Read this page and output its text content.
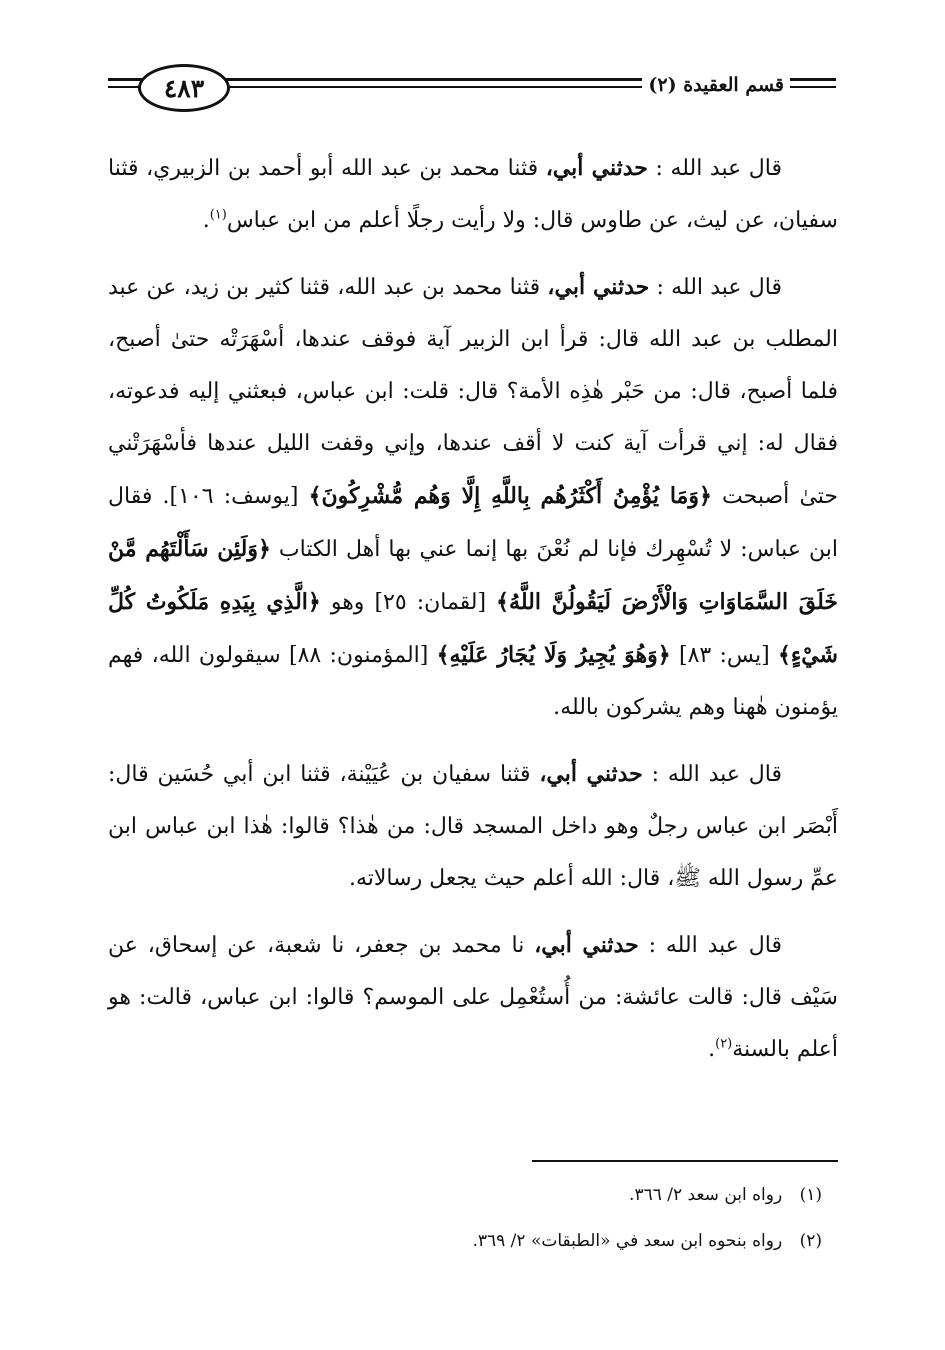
٤٨٣	قسم العقيدة (٢)

قال عبد الله : حدثني أبي، قثنا محمد بن عبد الله أبو أحمد بن الزبيري، قثنا سفيان، عن ليث، عن طاوس قال: ولا رأيت رجلًا أعلم من ابن عباس$^{(١)}$.

قال عبد الله : حدثني أبي، قثنا محمد بن عبد الله، قثنا كثير بن زيد، عن عبد المطلب بن عبد الله قال: قرأ ابن الزبير آية فوقف عندها، أسْهَرَتْه حتىٰ أصبح، فلما أصبح، قال: من حَبْر هٰذِه الأمة؟ قال: قلت: ابن عباس، فبعثني إليه فدعوته، فقال له: إني قرأت آية كنت لا أقف عندها، وإني وقفت الليل عندها فأسْهَرَتْني حتىٰ أصبحت ﴿وَمَا يُؤْمِنُ أَكْثَرُهُم بِاللَّهِ إِلَّا وَهُم مُّشْرِكُونَ﴾ [يوسف: ١٠٦]. فقال ابن عباس: لا تُسْهِرك فإنا لم نُعْنَ بها إنما عني بها أهل الكتاب ﴿وَلَئِن سَأَلْتَهُم مَّنْ خَلَقَ السَّمَاوَاتِ وَالْأَرْضَ لَيَقُولُنَّ اللَّهُ﴾ [لقمان: ٢٥] وهو ﴿الَّذِي بِيَدِهِ مَلَكُوتُ كُلِّ شَيْءٍ﴾ [يس: ٨٣] ﴿وَهُوَ يُجِيرُ وَلَا يُجَارُ عَلَيْهِ﴾ [المؤمنون: ٨٨] سيقولون الله، فهم يؤمنون هٰهنا وهم يشركون بالله.

قال عبد الله : حدثني أبي، قثنا سفيان بن عُيَيْنة، قثنا ابن أبي حُسَين قال: أَبْصَر ابن عباس رجلٌ وهو داخل المسجد قال: من هٰذا؟ قالوا: هٰذا ابن عباس ابن عمِّ رسول الله ﷺ، قال: الله أعلم حيث يجعل رسالاته.

قال عبد الله : حدثني أبي، نا محمد بن جعفر، نا شعبة، عن إسحاق، عن سَيْف قال: قالت عائشة: من أُستُعْمِل على الموسم؟ قالوا: ابن عباس، قالت: هو أعلم بالسنة$^{(٢)}$.

(١) رواه ابن سعد ٢/ ٣٦٦.

(٢) رواه بنحوه ابن سعد في «الطبقات» ٢/ ٣٦٩.
